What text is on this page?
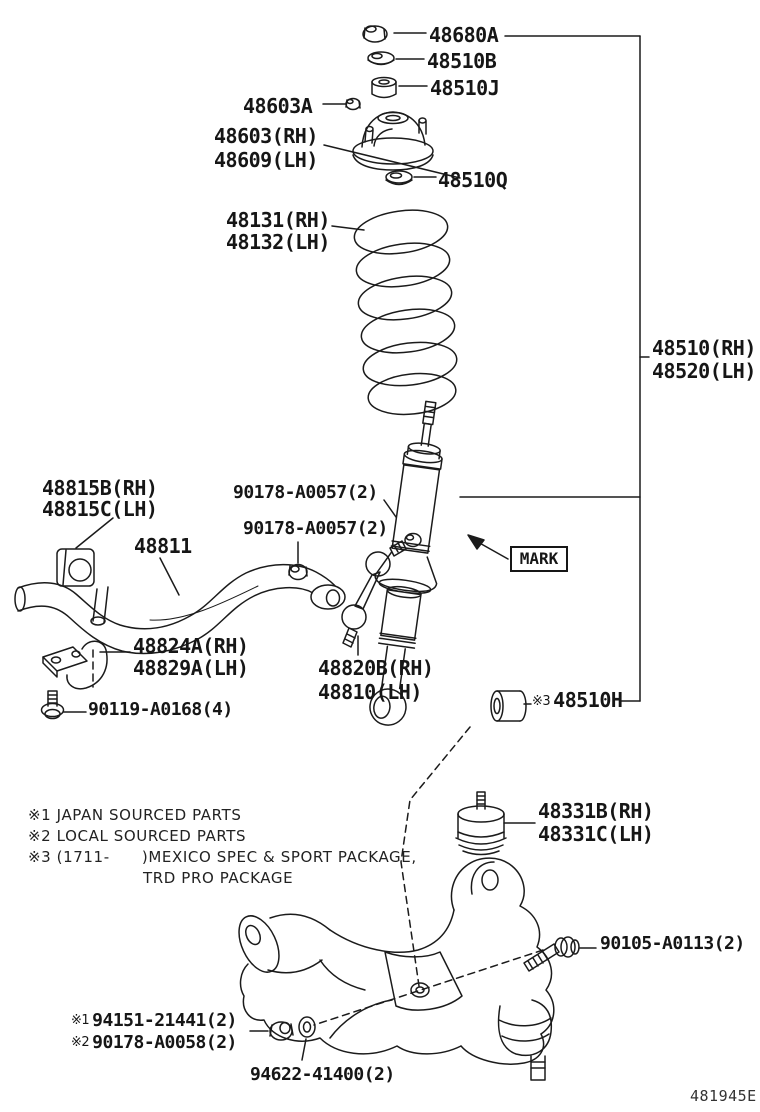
48680A
48510B
48510J
48603A
48603(RH)
48609(LH)
48510Q
48131(RH)
48132(LH)
48510(RH)
48520(LH)
48815B(RH)
48815C(LH)
90178-A0057(2)
90178-A0057(2)
48811
MARK
48824A(RH)
48829A(LH)
90119-A0168(4)
48820B(RH)
48810(LH)	※3 48510H
48331B(RH)
48331C(LH)
90105-A0113(2)
※1 94151-21441(2)
※2 90178-A0058(2)
94622-41400(2)
※1 JAPAN SOURCED PARTS
※2 LOCAL SOURCED PARTS
※3 (1711-      )MEXICO SPEC & SPORT PACKAGE,
TRD PRO PACKAGE
481945E
